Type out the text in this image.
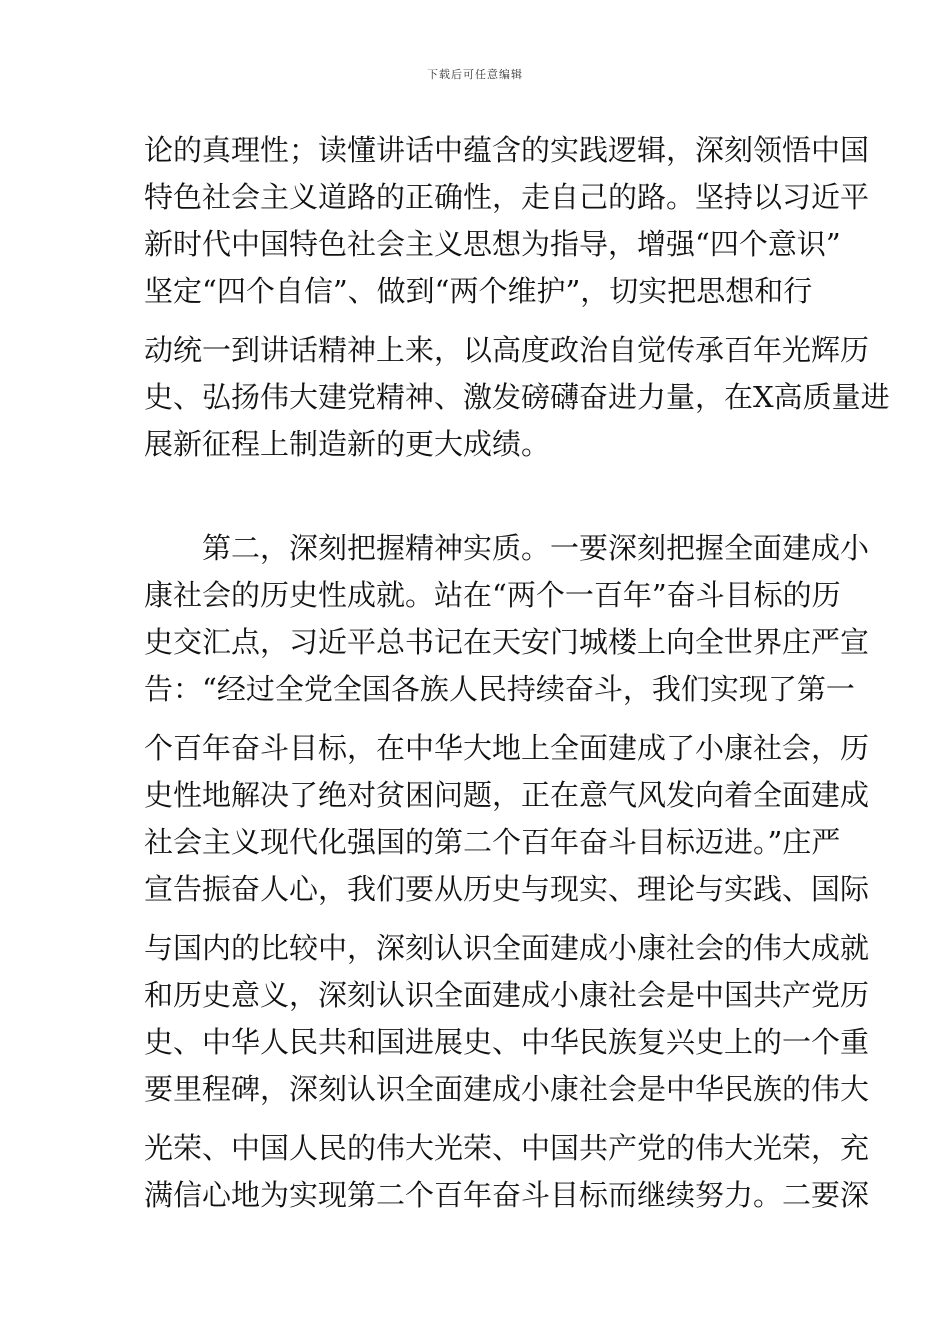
下载后可任意编辑
论的真理性；读懂讲话中蕴含的实践逻辑，深刻领悟中国
特色社会主义道路的正确性，走自己的路。坚持以习近平
新时代中国特色社会主义思想为指导，增强“四个意识”
坚定“四个自信”、做到“两个维护”，切实把思想和行
动统一到讲话精神上来，以高度政治自觉传承百年光辉历
史、弘扬伟大建党精神、激发磅礴奋进力量，在X高质量进
展新征程上制造新的更大成绩。
第二，深刻把握精神实质。一要深刻把握全面建成小
康社会的历史性成就。站在“两个一百年”奋斗目标的历
史交汇点，习近平总书记在天安门城楼上向全世界庄严宣
告：“经过全党全国各族人民持续奋斗，我们实现了第一
个百年奋斗目标，在中华大地上全面建成了小康社会，历
史性地解决了绝对贫困问题，正在意气风发向着全面建成
社会主义现代化强国的第二个百年奋斗目标迈进。”庄严
宣告振奋人心，我们要从历史与现实、理论与实践、国际
与国内的比较中，深刻认识全面建成小康社会的伟大成就
和历史意义，深刻认识全面建成小康社会是中国共产党历
史、中华人民共和国进展史、中华民族复兴史上的一个重
要里程碑，深刻认识全面建成小康社会是中华民族的伟大
光荣、中国人民的伟大光荣、中国共产党的伟大光荣，充
满信心地为实现第二个百年奋斗目标而继续努力。二要深
